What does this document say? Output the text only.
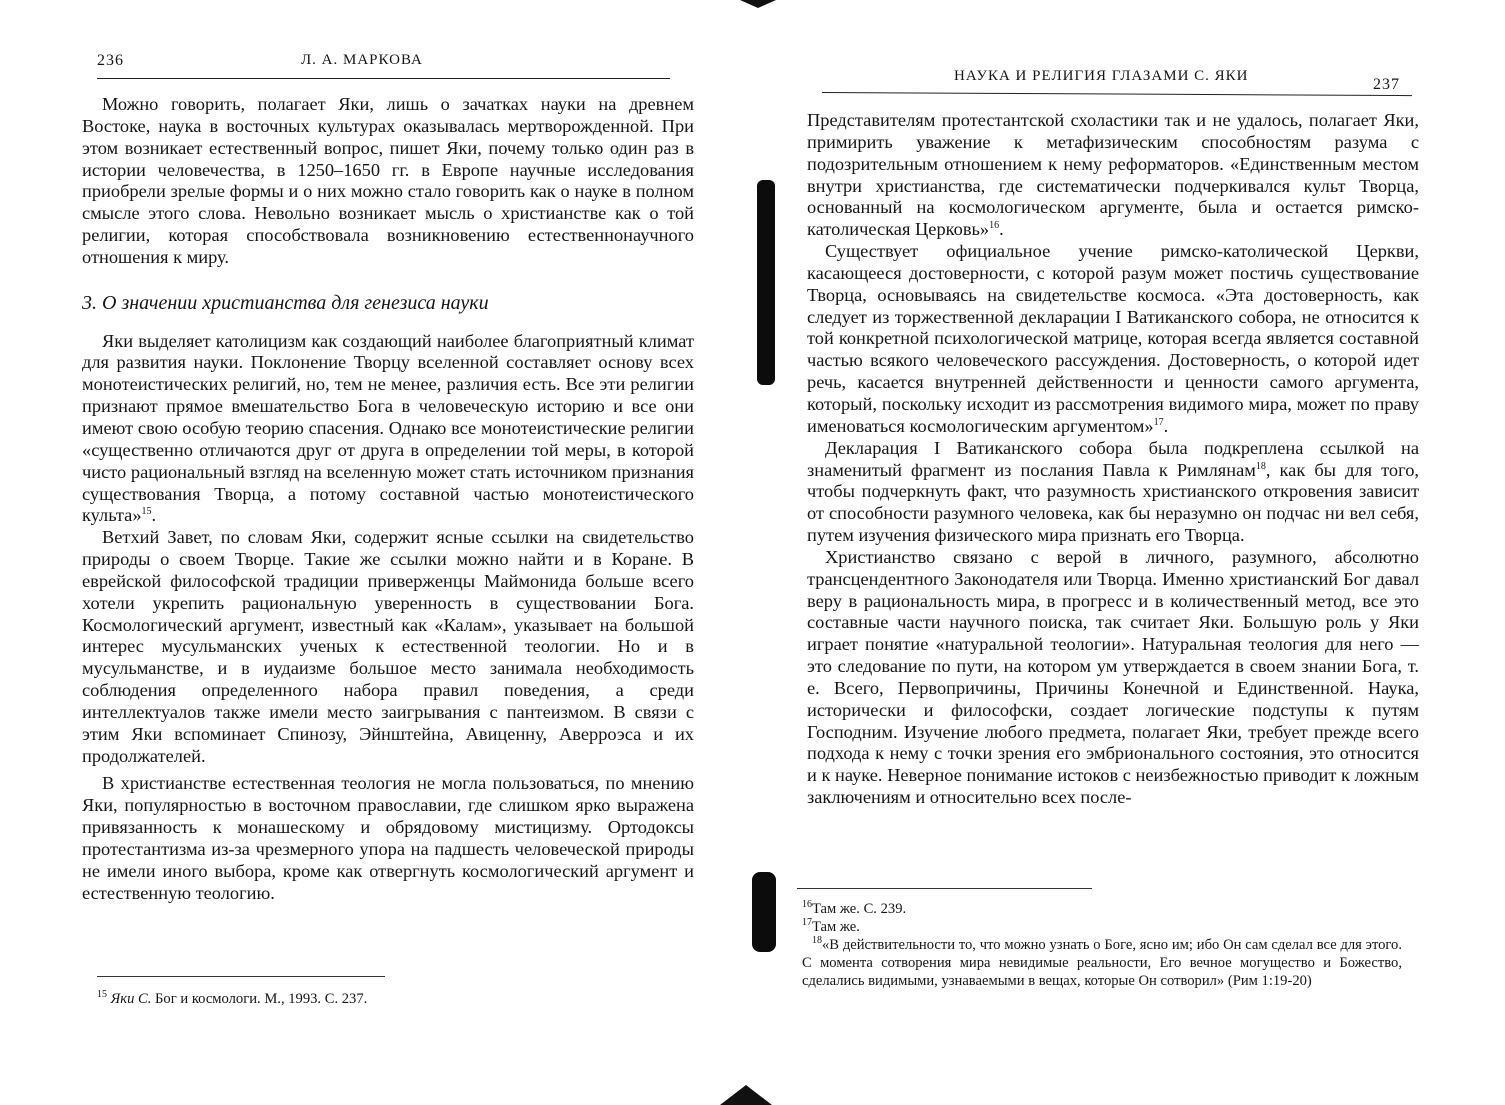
236	Л. А. МАРКОВА

Можно говорить, полагает Яки, лишь о зачатках науки на древнем Востоке, наука в восточных культурах оказывалась мертворожденной. При этом возникает естественный вопрос, пишет Яки, почему только один раз в истории человечества, в 1250–1650 гг. в Европе научные исследования приобрели зрелые формы и о них можно стало говорить как о науке в полном смысле этого слова. Невольно возникает мысль о христианстве как о той религии, которая способствовала возникновению естественнонаучного отношения к миру.

3. О значении христианства для генезиса науки

Яки выделяет католицизм как создающий наиболее благоприятный климат для развития науки. Поклонение Творцу вселенной составляет основу всех монотеистических религий, но, тем не менее, различия есть. Все эти религии признают прямое вмешательство Бога в человеческую историю и все они имеют свою особую теорию спасения. Однако все монотеистические религии «существенно отличаются друг от друга в определении той меры, в которой чисто рациональный взгляд на вселенную может стать источником признания существования Творца, а потому составной частью монотеистического культа»$^{15}$.

Ветхий Завет, по словам Яки, содержит ясные ссылки на свидетельство природы о своем Творце. Такие же ссылки можно найти и в Коране. В еврейской философской традиции приверженцы Маймонида больше всего хотели укрепить рациональную уверенность в существовании Бога. Космологический аргумент, известный как «Калам», указывает на большой интерес мусульманских ученых к естественной теологии. Но и в мусульманстве, и в иудаизме большое место занимала необходимость соблюдения определенного набора правил поведения, а среди интеллектуалов также имели место заигрывания с пантеизмом. В связи с этим Яки вспоминает Спинозу, Эйнштейна, Авиценну, Аверроэса и их продолжателей.

В христианстве естественная теология не могла пользоваться, по мнению Яки, популярностью в восточном православии, где слишком ярко выражена привязанность к монашескому и обрядовому мистицизму. Ортодоксы протестантизма из-за чрезмерного упора на падшесть человеческой природы не имели иного выбора, кроме как отвергнуть космологический аргумент и естественную теологию.

$^{15}$ Яки С. Бог и космологи. М., 1993. С. 237.

НАУКА И РЕЛИГИЯ ГЛАЗАМИ С. ЯКИ	237

Представителям протестантской схоластики так и не удалось, полагает Яки, примирить уважение к метафизическим способностям разума с подозрительным отношением к нему реформаторов. «Единственным местом внутри христианства, где систематически подчеркивался культ Творца, основанный на космологическом аргументе, была и остается римско-католическая Церковь»$^{16}$.

Существует официальное учение римско-католической Церкви, касающееся достоверности, с которой разум может постичь существование Творца, основываясь на свидетельстве космоса. «Эта достоверность, как следует из торжественной декларации I Ватиканского собора, не относится к той конкретной психологической матрице, которая всегда является составной частью всякого человеческого рассуждения. Достоверность, о которой идет речь, касается внутренней действенности и ценности самого аргумента, который, поскольку исходит из рассмотрения видимого мира, может по праву именоваться космологическим аргументом»$^{17}$.

Декларация I Ватиканского собора была подкреплена ссылкой на знаменитый фрагмент из послания Павла к Римлянам$^{18}$, как бы для того, чтобы подчеркнуть факт, что разумность христианского откровения зависит от способности разумного человека, как бы неразумно он подчас ни вел себя, путем изучения физического мира признать его Творца.

Христианство связано с верой в личного, разумного, абсолютно трансцендентного Законодателя или Творца. Именно христианский Бог давал веру в рациональность мира, в прогресс и в количественный метод, все это составные части научного поиска, так считает Яки. Большую роль у Яки играет понятие «натуральной теологии». Натуральная теология для него — это следование по пути, на котором ум утверждается в своем знании Бога, т. е. Всего, Первопричины, Причины Конечной и Единственной. Наука, исторически и философски, создает логические подступы к путям Господним. Изучение любого предмета, полагает Яки, требует прежде всего подхода к нему с точки зрения его эмбрионального состояния, это относится и к науке. Неверное понимание истоков с неизбежностью приводит к ложным заключениям и относительно всех после-

$^{16}$Там же. С. 239.

$^{17}$Там же.

$^{18}$«В действительности то, что можно узнать о Боге, ясно им; ибо Он сам сделал все для этого. С момента сотворения мира невидимые реальности, Его вечное могущество и Божество, сделались видимыми, узнаваемыми в вещах, которые Он сотворил» (Рим 1:19-20)
